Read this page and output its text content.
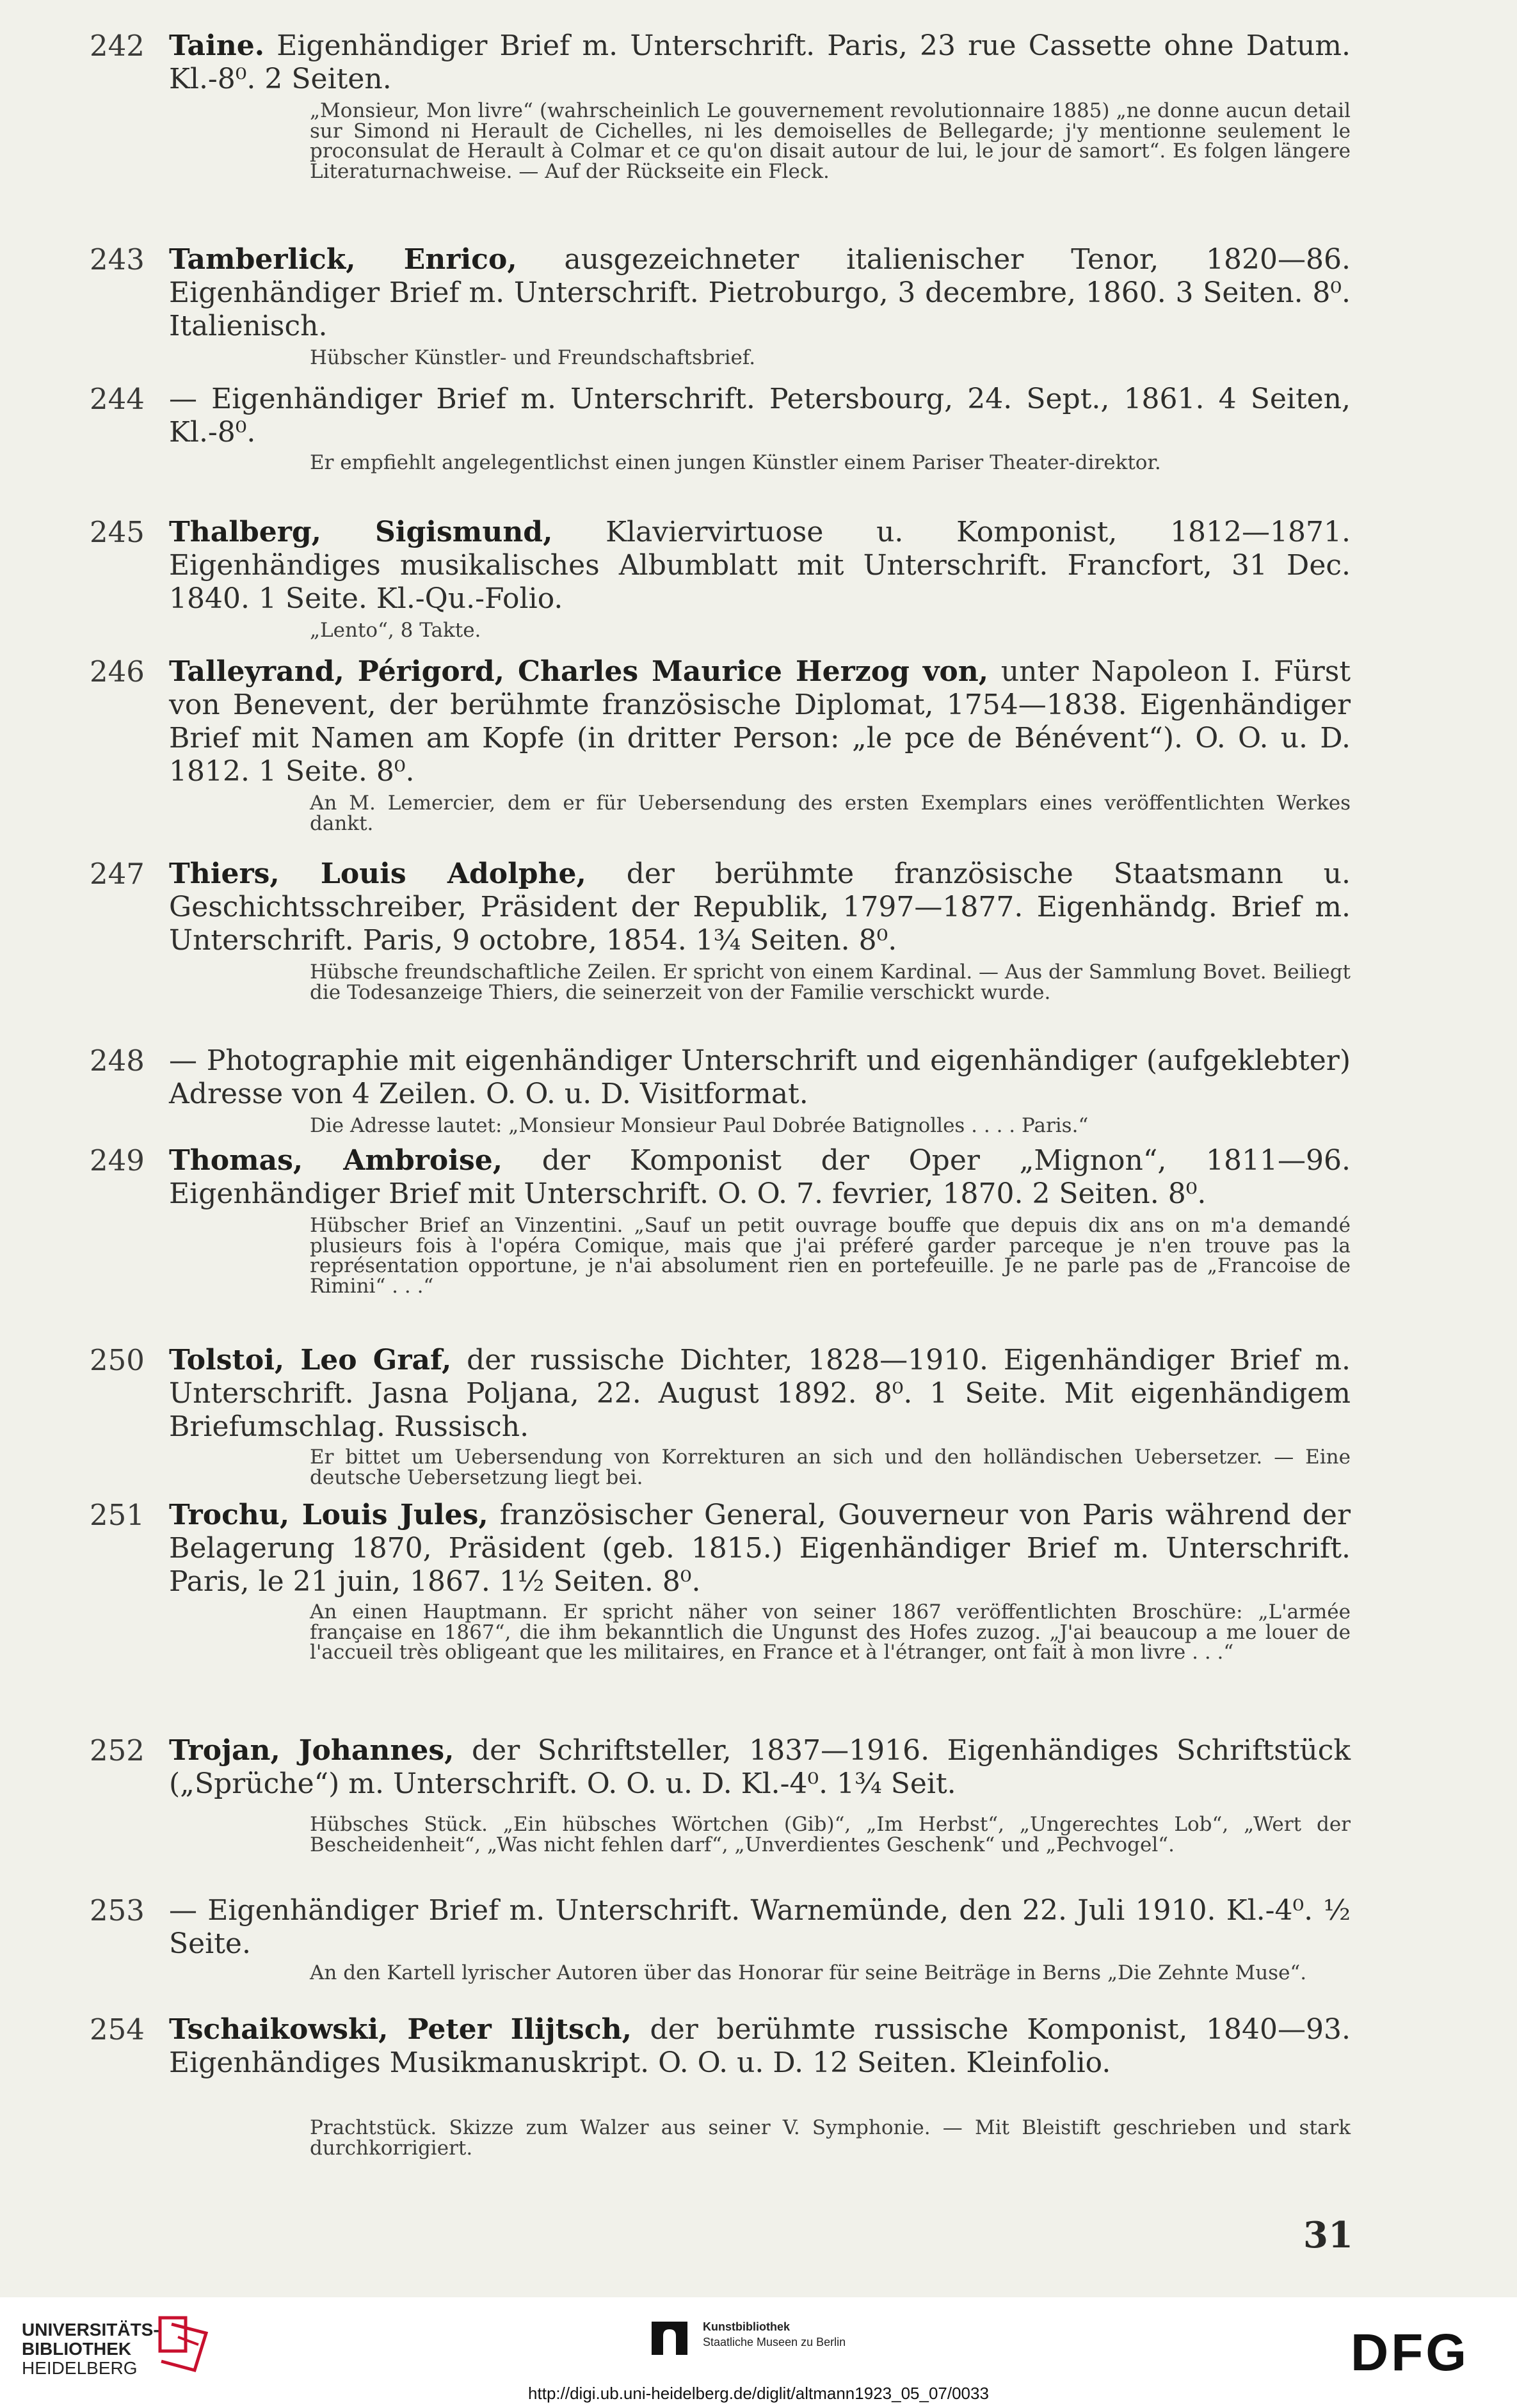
242 Taine. Eigenhändiger Brief m. Unterschrift. Paris, 23 rue Cassette ohne Datum. Kl.-8⁰. 2 Seiten.
„Monsieur, Mon livre“ (wahrscheinlich Le gouvernement revolutionnaire 1885) „ne donne aucun detail sur Simond ni Herault de Cichelles, ni les demoiselles de Bellegarde; j'y mentionne seulement le proconsulat de Herault à Colmar et ce qu'on disait autour de lui, le jour de samort“. Es folgen längere Literaturnachweise. — Auf der Rückseite ein Fleck.
243 Tamberlick, Enrico, ausgezeichneter italienischer Tenor, 1820—86. Eigenhändiger Brief m. Unterschrift. Pietroburgo, 3 decembre, 1860. 3 Seiten. 8⁰. Italienisch.
Hübscher Künstler- und Freundschaftsbrief.
244 — Eigenhändiger Brief m. Unterschrift. Petersbourg, 24. Sept., 1861. 4 Seiten, Kl.-8⁰.
Er empfiehlt angelegentlichst einen jungen Künstler einem Pariser Theater-direktor.
245 Thalberg, Sigismund, Klaviervirtuose u. Komponist, 1812—1871. Eigenhändiges musikalisches Albumblatt mit Unterschrift. Francfort, 31 Dec. 1840. 1 Seite. Kl.-Qu.-Folio.
„Lento“, 8 Takte.
246 Talleyrand, Périgord, Charles Maurice Herzog von, unter Napoleon I. Fürst von Benevent, der berühmte französische Diplomat, 1754—1838. Eigenhändiger Brief mit Namen am Kopfe (in dritter Person: „le pce de Bénévent“). O. O. u. D. 1812. 1 Seite. 8⁰.
An M. Lemercier, dem er für Uebersendung des ersten Exemplars eines veröffentlichten Werkes dankt.
247 Thiers, Louis Adolphe, der berühmte französische Staatsmann u. Geschichtsschreiber, Präsident der Republik, 1797—1877. Eigenhändg. Brief m. Unterschrift. Paris, 9 octobre, 1854. 1¾ Seiten. 8⁰.
Hübsche freundschaftliche Zeilen. Er spricht von einem Kardinal. — Aus der Sammlung Bovet. Beiliegt die Todesanzeige Thiers, die seinerzeit von der Familie verschickt wurde.
248 — Photographie mit eigenhändiger Unterschrift und eigenhändiger (aufgeklebter) Adresse von 4 Zeilen. O. O. u. D. Visitformat.
Die Adresse lautet: „Monsieur Monsieur Paul Dobrée Batignolles . . . . Paris.“
249 Thomas, Ambroise, der Komponist der Oper „Mignon“, 1811—96. Eigenhändiger Brief mit Unterschrift. O. O. 7. fevrier, 1870. 2 Seiten. 8⁰.
Hübscher Brief an Vinzentini. „Sauf un petit ouvrage bouffe que depuis dix ans on m'a demandé plusieurs fois à l'opéra Comique, mais que j'ai préferé garder parceque je n'en trouve pas la représentation opportune, je n'ai absolument rien en portefeuille. Je ne parle pas de „Francoise de Rimini“ . . .“
250 Tolstoi, Leo Graf, der russische Dichter, 1828—1910. Eigenhändiger Brief m. Unterschrift. Jasna Poljana, 22. August 1892. 8⁰. 1 Seite. Mit eigenhändigem Briefumschlag. Russisch.
Er bittet um Uebersendung von Korrekturen an sich und den holländischen Uebersetzer. — Eine deutsche Uebersetzung liegt bei.
251 Trochu, Louis Jules, französischer General, Gouverneur von Paris während der Belagerung 1870, Präsident (geb. 1815.) Eigenhändiger Brief m. Unterschrift. Paris, le 21 juin, 1867. 1½ Seiten. 8⁰.
An einen Hauptmann. Er spricht näher von seiner 1867 veröffentlichten Broschüre: „L'armée française en 1867“, die ihm bekanntlich die Ungunst des Hofes zuzog. „J'ai beaucoup a me louer de l'accueil très obligeant que les militaires, en France et à l'étranger, ont fait à mon livre . . .“
252 Trojan, Johannes, der Schriftsteller, 1837—1916. Eigenhändiges Schriftstück („Sprüche“) m. Unterschrift. O. O. u. D. Kl.-4⁰. 1¾ Seit.
Hübsches Stück. „Ein hübsches Wörtchen (Gib)“, „Im Herbst“, „Ungerechtes Lob“, „Wert der Bescheidenheit“, „Was nicht fehlen darf“, „Unverdientes Geschenk“ und „Pechvogel“.
253 — Eigenhändiger Brief m. Unterschrift. Warnemünde, den 22. Juli 1910. Kl.-4⁰. ½ Seite.
An den Kartell lyrischer Autoren über das Honorar für seine Beiträge in Berns „Die Zehnte Muse“.
254 Tschaikowski, Peter Ilijtsch, der berühmte russische Komponist, 1840—93. Eigenhändiges Musikmanuskript. O. O. u. D. 12 Seiten. Kleinfolio.
Prachtstück. Skizze zum Walzer aus seiner V. Symphonie. — Mit Bleistift geschrieben und stark durchkorrigiert.
31
UNIVERSITÄTS-
BIBLIOTHEK
HEIDELBERG
Kunstbibliothek
Staatliche Museen zu Berlin	DFG
http://digi.ub.uni-heidelberg.de/diglit/altmann1923_05_07/0033
